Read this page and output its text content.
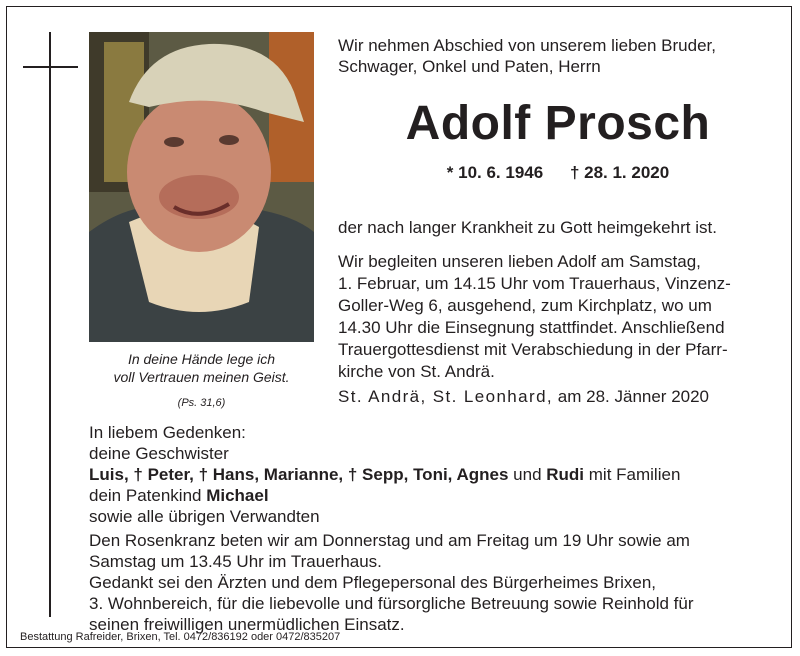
In deine Hände lege ich
voll Vertrauen meinen Geist.
(Ps. 31,6)
Wir nehmen Abschied von unserem lieben Bruder,
Schwager, Onkel und Paten, Herrn
Adolf Prosch
* 10. 6. 1946 † 28. 1. 2020
der nach langer Krankheit zu Gott heimgekehrt ist.
Wir begleiten unseren lieben Adolf am Samstag,
1. Februar, um 14.15 Uhr vom Trauerhaus, Vinzenz-
Goller-Weg 6, ausgehend, zum Kirchplatz, wo um
14.30 Uhr die Einsegnung stattfindet. Anschließend
Trauergottesdienst mit Verabschiedung in der Pfarr-
kirche von St. Andrä.
St. Andrä, St. Leonhard, am 28. Jänner 2020
In liebem Gedenken:
deine Geschwister
Luis, † Peter, † Hans, Marianne, † Sepp, Toni, Agnes und Rudi mit Familien
dein Patenkind Michael
sowie alle übrigen Verwandten
Den Rosenkranz beten wir am Donnerstag und am Freitag um 19 Uhr sowie am
Samstag um 13.45 Uhr im Trauerhaus.
Gedankt sei den Ärzten und dem Pflegepersonal des Bürgerheimes Brixen,
3. Wohnbereich, für die liebevolle und fürsorgliche Betreuung sowie Reinhold für
seinen freiwilligen unermüdlichen Einsatz.
Bestattung Rafreider, Brixen, Tel. 0472/836192 oder 0472/835207
